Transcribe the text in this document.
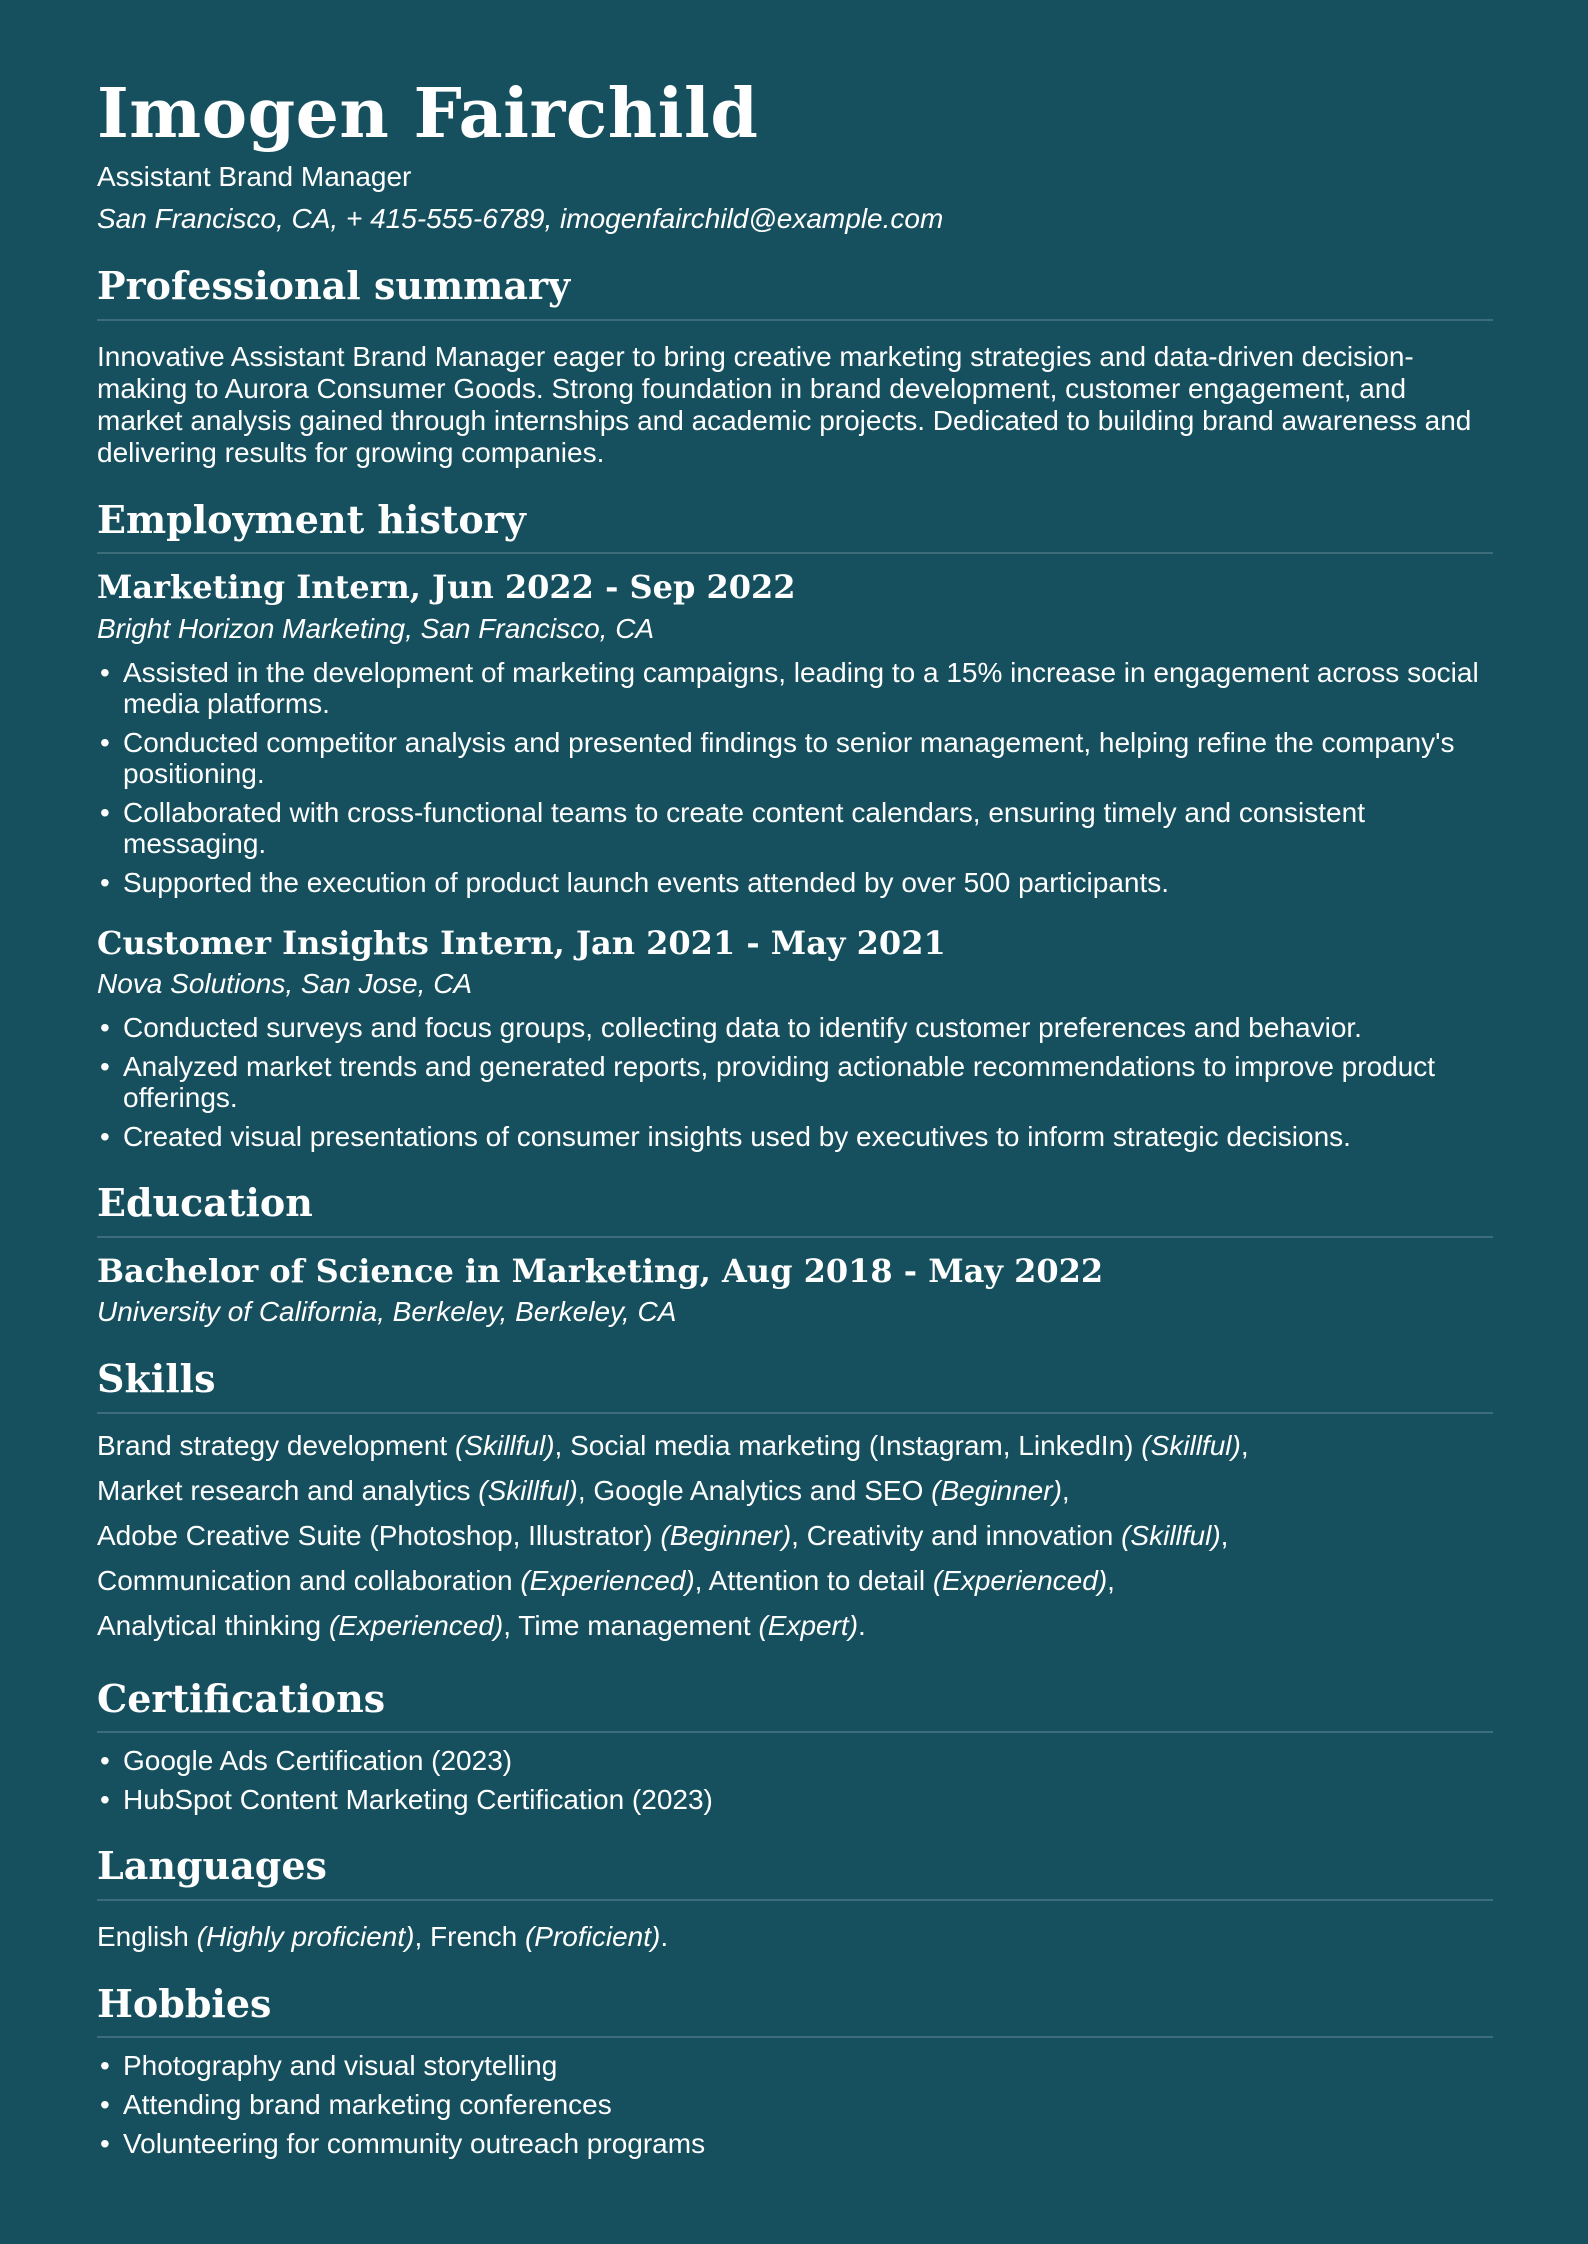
Imogen Fairchild
Assistant Brand Manager
San Francisco, CA, + 415-555-6789, imogenfairchild@example.com
Professional summary

Innovative Assistant Brand Manager eager to bring creative marketing strategies and data-driven decision-making to Aurora Consumer Goods. Strong foundation in brand development, customer engagement, and market analysis gained through internships and academic projects. Dedicated to building brand awareness and delivering results for growing companies.

Employment history
Marketing Intern, Jun 2022 - Sep 2022
Bright Horizon Marketing, San Francisco, CA
• Assisted in the development of marketing campaigns, leading to a 15% increase in engagement across social media platforms.
• Conducted competitor analysis and presented findings to senior management, helping refine the company's positioning.
• Collaborated with cross-functional teams to create content calendars, ensuring timely and consistent messaging.
• Supported the execution of product launch events attended by over 500 participants.
Customer Insights Intern, Jan 2021 - May 2021
Nova Solutions, San Jose, CA
• Conducted surveys and focus groups, collecting data to identify customer preferences and behavior.
• Analyzed market trends and generated reports, providing actionable recommendations to improve product offerings.
• Created visual presentations of consumer insights used by executives to inform strategic decisions.
Education
Bachelor of Science in Marketing, Aug 2018 - May 2022
University of California, Berkeley, Berkeley, CA
Skills

Brand strategy development (Skillful), Social media marketing (Instagram, LinkedIn) (Skillful),

Market research and analytics (Skillful), Google Analytics and SEO (Beginner),

Adobe Creative Suite (Photoshop, Illustrator) (Beginner), Creativity and innovation (Skillful),

Communication and collaboration (Experienced), Attention to detail (Experienced),

Analytical thinking (Experienced), Time management (Expert).

Certifications
• Google Ads Certification (2023)
• HubSpot Content Marketing Certification (2023)
Languages

English (Highly proficient), French (Proficient).

Hobbies
• Photography and visual storytelling
• Attending brand marketing conferences
• Volunteering for community outreach programs
